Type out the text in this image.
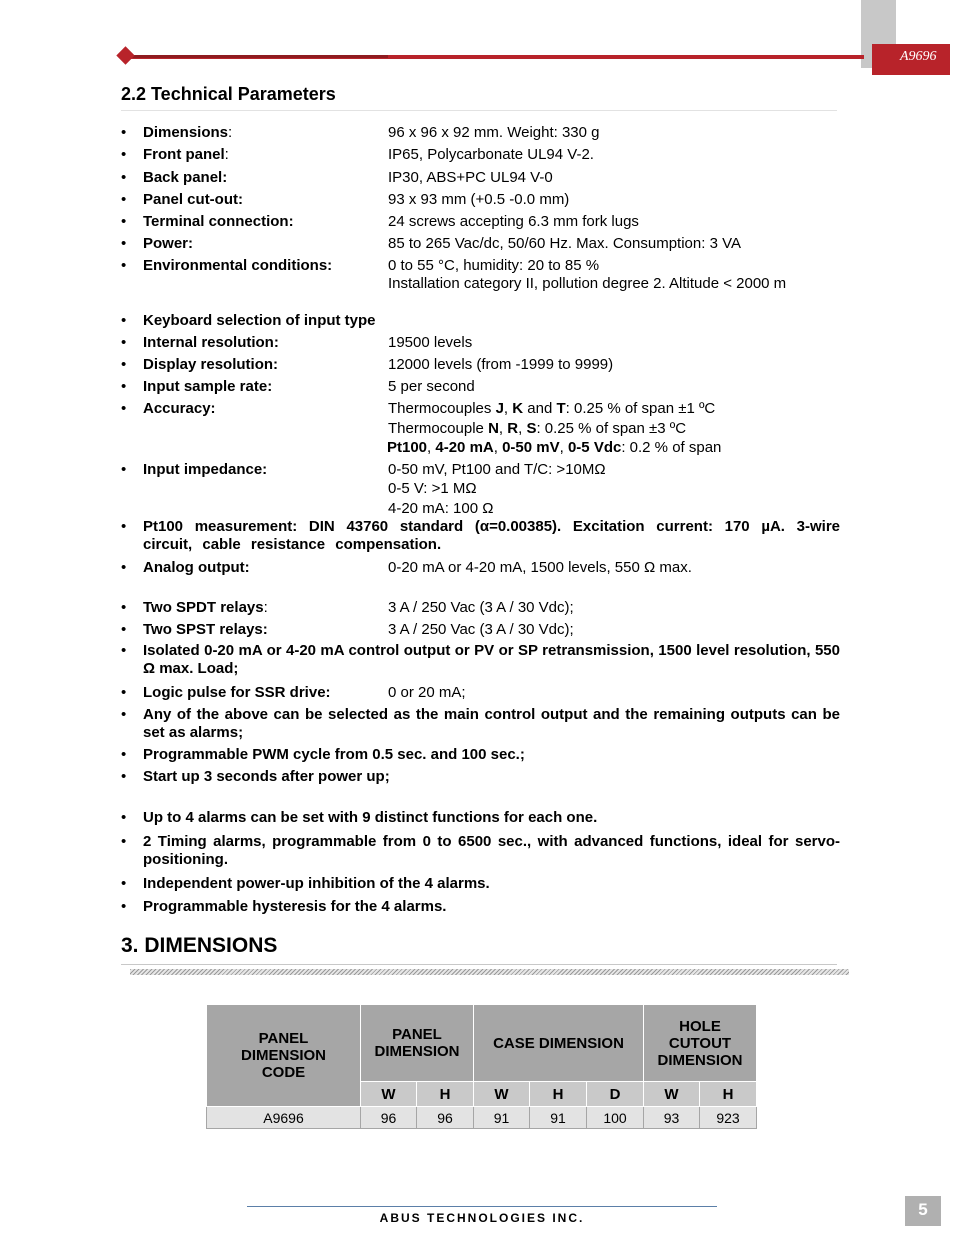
A9696
2.2 Technical Parameters
• Dimensions:	96 x 96 x 92 mm. Weight: 330 g
• Front panel:	IP65, Polycarbonate UL94 V-2.
• Back panel:	IP30, ABS+PC UL94 V-0
• Panel cut-out:	93 x 93 mm (+0.5 -0.0 mm)
• Terminal connection:	24 screws accepting 6.3 mm fork lugs
• Power:	85 to 265 Vac/dc, 50/60 Hz. Max. Consumption: 3 VA
• Environmental conditions:	0 to 55 °C, humidity: 20 to 85 %
Installation category II, pollution degree 2. Altitude < 2000 m
• Keyboard selection of input type
• Internal resolution:	19500 levels
• Display resolution:	12000 levels (from -1999 to 9999)
• Input sample rate:	5 per second
• Accuracy:	Thermocouples J, K and T: 0.25 % of span ±1 ºC
Thermocouple N, R, S: 0.25 % of span ±3 ºC
Pt100, 4-20 mA, 0-50 mV, 0-5 Vdc: 0.2 % of span
• Input impedance:	0-50 mV, Pt100 and T/C: >10MΩ
0-5 V: >1 MΩ
4-20 mA: 100 Ω
• Pt100 measurement: DIN 43760 standard (α=0.00385). Excitation current: 170 µA. 3-wire circuit, cable resistance compensation.
• Analog output:	0-20 mA or 4-20 mA, 1500 levels, 550 Ω max.
• Two SPDT relays:	3 A / 250 Vac (3 A / 30 Vdc);
• Two SPST relays:	3 A / 250 Vac (3 A / 30 Vdc);
• Isolated 0-20 mA or 4-20 mA control output or PV or SP retransmission, 1500 level resolution, 550 Ω max. Load;
• Logic pulse for SSR drive:	0 or 20 mA;
• Any of the above can be selected as the main control output and the remaining outputs can be set as alarms;
• Programmable PWM cycle from 0.5 sec. and 100 sec.;
• Start up 3 seconds after power up;
• Up to 4 alarms can be set with 9 distinct functions for each one.
• 2 Timing alarms, programmable from 0 to 6500 sec., with advanced functions, ideal for servo-positioning.
• Independent power-up inhibition of the 4 alarms.
• Programmable hysteresis for the 4 alarms.
3. DIMENSIONS
PANEL DIMENSION CODE	PANEL DIMENSION		CASE DIMENSION			HOLE CUTOUT DIMENSION	

	W	H	W	H	D	W	H
A9696	96	96	91	91	100	93	923
ABUS TECHNOLOGIES INC.	5
